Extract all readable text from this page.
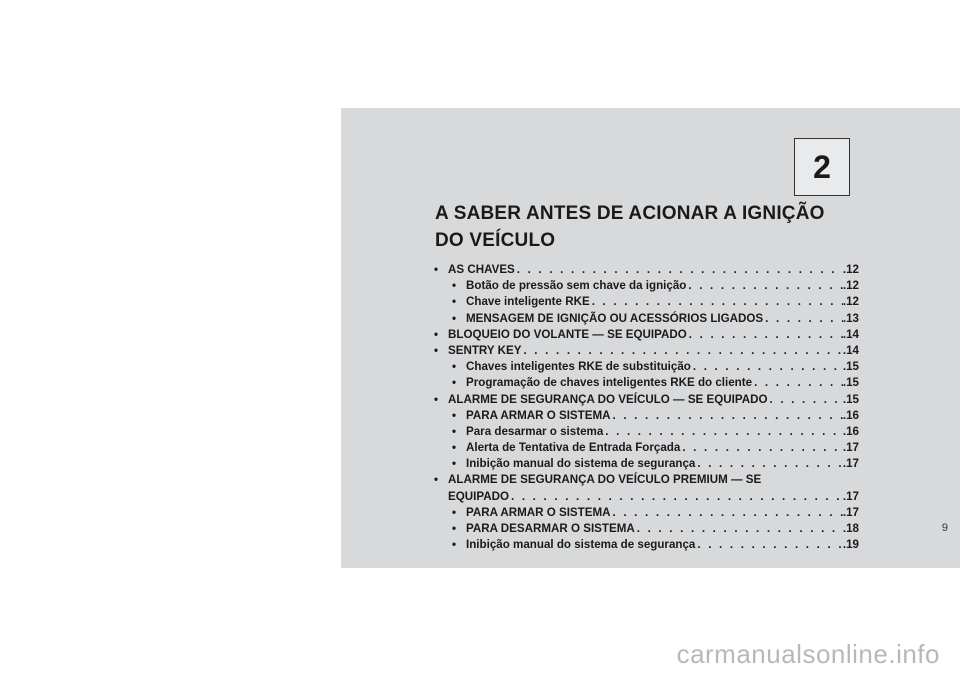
2
A SABER ANTES DE ACIONAR A IGNIÇÃO
DO VEÍCULO
• AS CHAVES . . .	.12
• Botão de pressão sem chave da ignição . . .	.12
• Chave inteligente RKE . . .	.12
• MENSAGEM DE IGNIÇÃO OU ACESSÓRIOS LIGADOS . . .	.13
• BLOQUEIO DO VOLANTE — SE EQUIPADO . . .	.14
• SENTRY KEY . . .	.14
• Chaves inteligentes RKE de substituição . . .	.15
• Programação de chaves inteligentes RKE do cliente . . .	.15
• ALARME DE SEGURANÇA DO VEÍCULO — SE EQUIPADO . . .	.15
• PARA ARMAR O SISTEMA . . .	.16
• Para desarmar o sistema . . .	.16
• Alerta de Tentativa de Entrada Forçada . . .	.17
• Inibição manual do sistema de segurança . . .	.17
• ALARME DE SEGURANÇA DO VEÍCULO PREMIUM — SE
EQUIPADO . . .	.17
• PARA ARMAR O SISTEMA . . .	.17
• PARA DESARMAR O SISTEMA . . .	.18
• Inibição manual do sistema de segurança . . .	.19
9
carmanualsonline.info
